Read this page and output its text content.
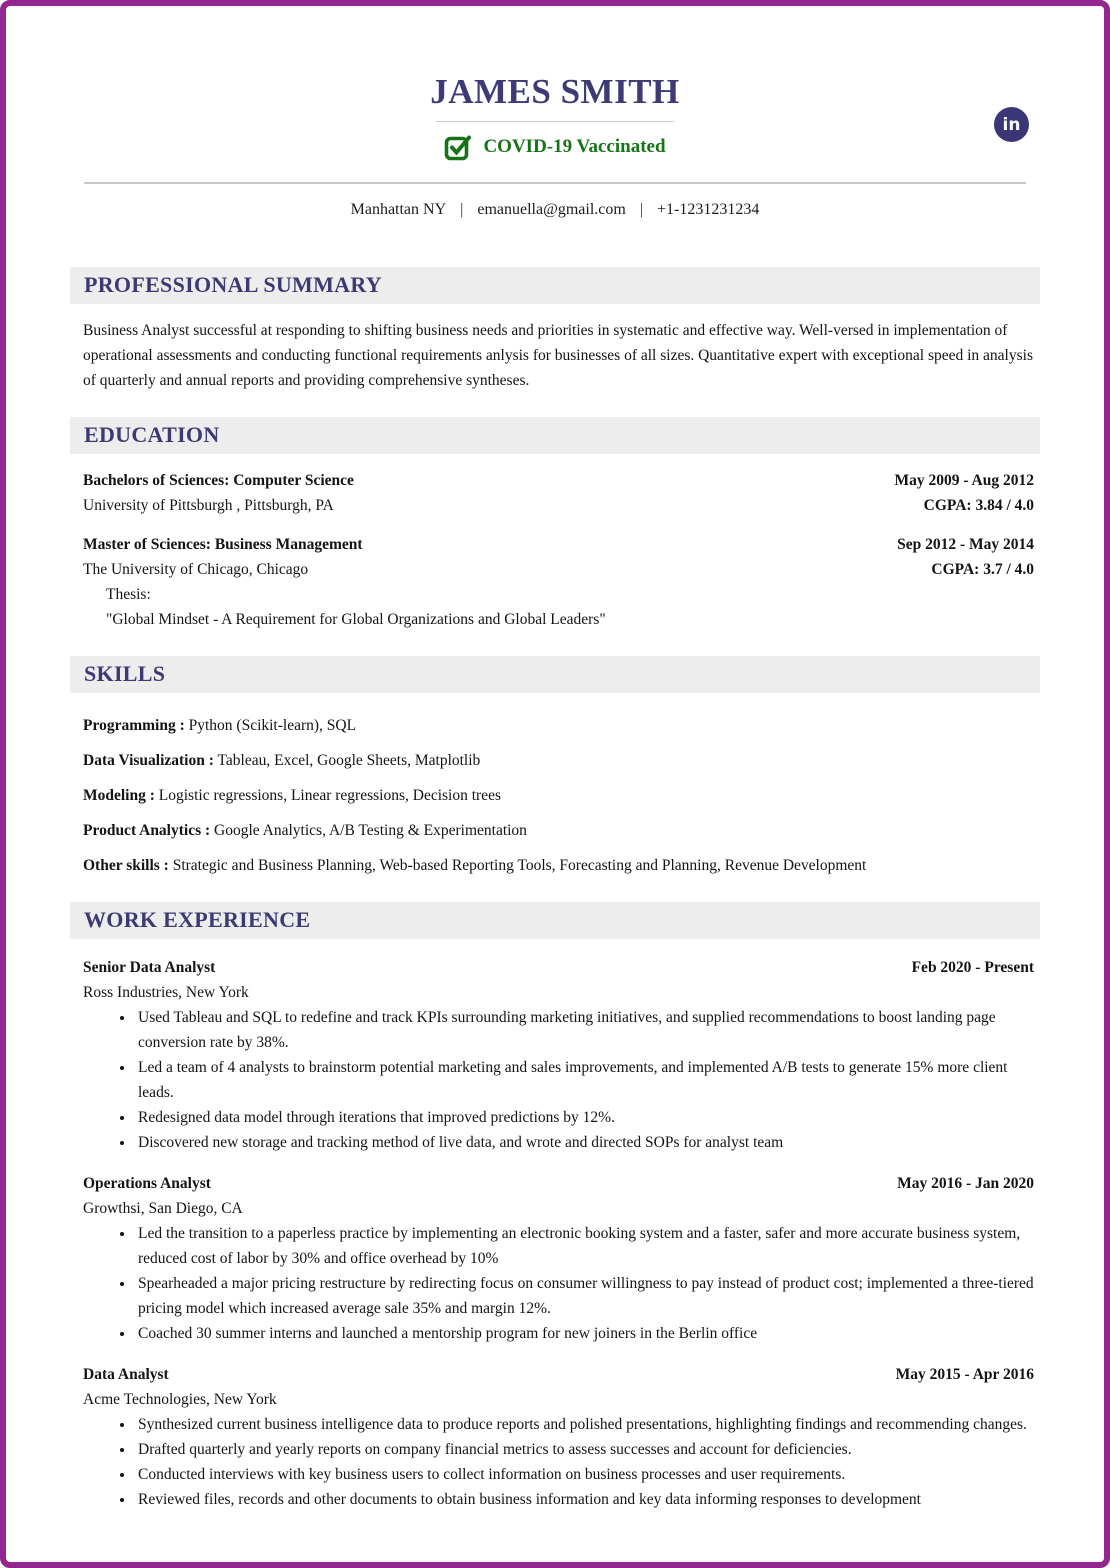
in
JAMES SMITH
COVID-19 Vaccinated
Manhattan NY | emanuella@gmail.com | +1-1231231234
PROFESSIONAL SUMMARY

Business Analyst successful at responding to shifting business needs and priorities in systematic and effective way. Well-versed in implementation of operational assessments and conducting functional requirements anlysis for businesses of all sizes. Quantitative expert with exceptional speed in analysis of quarterly and annual reports and providing comprehensive syntheses.

EDUCATION
Bachelors of Sciences: Computer Science	May 2009 - Aug 2012
University of Pittsburgh , Pittsburgh, PA	CGPA: 3.84 / 4.0
Master of Sciences: Business Management	Sep 2012 - May 2014
The University of Chicago, Chicago	CGPA: 3.7 / 4.0

Thesis:

"Global Mindset - A Requirement for Global Organizations and Global Leaders"

SKILLS

Programming : Python (Scikit-learn), SQL

Data Visualization : Tableau, Excel, Google Sheets, Matplotlib

Modeling : Logistic regressions, Linear regressions, Decision trees

Product Analytics : Google Analytics, A/B Testing & Experimentation

Other skills : Strategic and Business Planning, Web-based Reporting Tools, Forecasting and Planning, Revenue Development

WORK EXPERIENCE
Senior Data Analyst	Feb 2020 - Present

Ross Industries, New York

• Used Tableau and SQL to redefine and track KPIs surrounding marketing initiatives, and supplied recommendations to boost landing page conversion rate by 38%.
• Led a team of 4 analysts to brainstorm potential marketing and sales improvements, and implemented A/B tests to generate 15% more client leads.
• Redesigned data model through iterations that improved predictions by 12%.
• Discovered new storage and tracking method of live data, and wrote and directed SOPs for analyst team
Operations Analyst	May 2016 - Jan 2020

Growthsi, San Diego, CA

• Led the transition to a paperless practice by implementing an electronic booking system and a faster, safer and more accurate business system, reduced cost of labor by 30% and office overhead by 10%
• Spearheaded a major pricing restructure by redirecting focus on consumer willingness to pay instead of product cost; implemented a three-tiered pricing model which increased average sale 35% and margin 12%.
• Coached 30 summer interns and launched a mentorship program for new joiners in the Berlin office
Data Analyst	May 2015 - Apr 2016

Acme Technologies, New York

• Synthesized current business intelligence data to produce reports and polished presentations, highlighting findings and recommending changes.
• Drafted quarterly and yearly reports on company financial metrics to assess successes and account for deficiencies.
• Conducted interviews with key business users to collect information on business processes and user requirements.
• Reviewed files, records and other documents to obtain business information and key data informing responses to development
